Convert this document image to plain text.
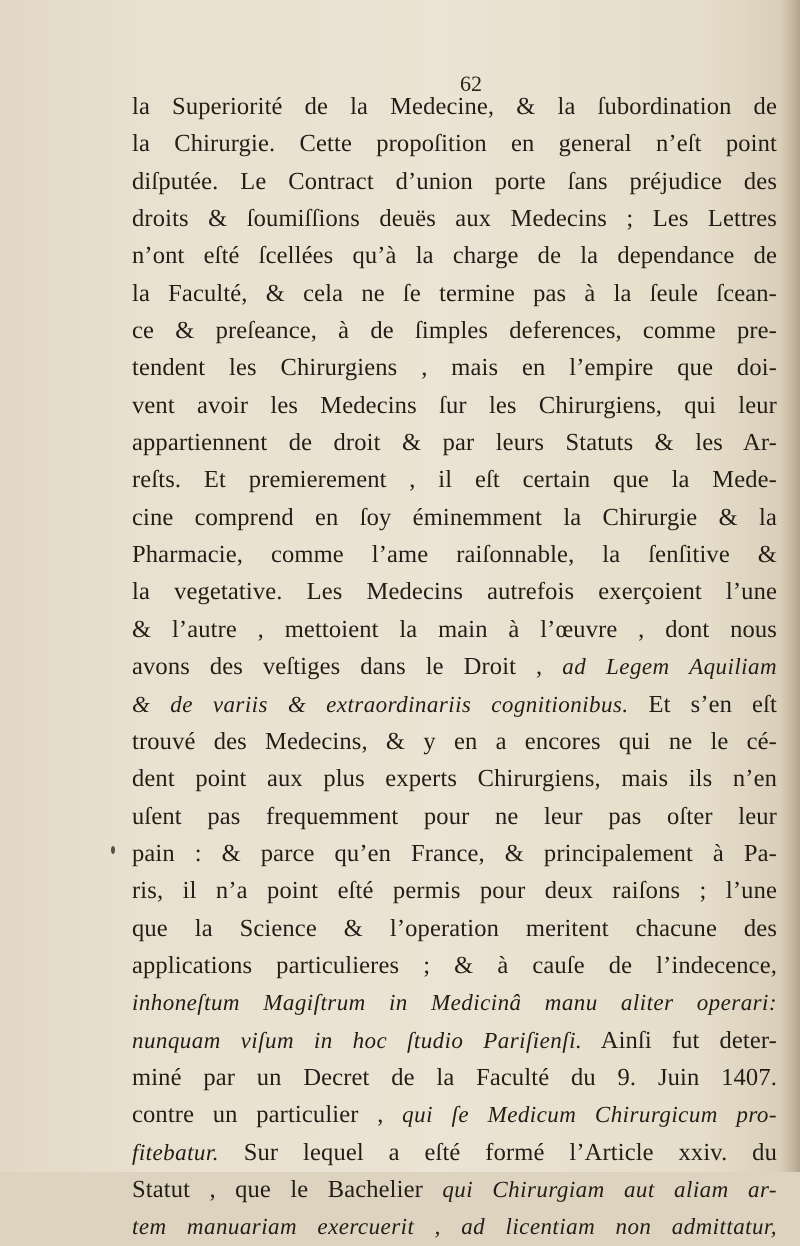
62

la Superiorité de la Medecine, & la ſubordination de
la Chirurgie. Cette propoſition en general n’eſt point
diſputée. Le Contract d’union porte ſans préjudice des
droits & ſoumiſſions deuës aux Medecins ; Les Lettres
n’ont eſté ſcellées qu’à la charge de la dependance de
la Faculté, & cela ne ſe termine pas à la ſeule ſcean-
ce & preſeance, à de ſimples deferences, comme pre-
tendent les Chirurgiens , mais en l’empire que doi-
vent avoir les Medecins ſur les Chirurgiens, qui leur
appartiennent de droit & par leurs Statuts & les Ar-
reſts. Et premierement , il eſt certain que la Mede-
cine comprend en ſoy éminemment la Chirurgie & la
Pharmacie, comme l’ame raiſonnable, la ſenſitive &
la vegetative. Les Medecins autrefois exerçoient l’une
& l’autre , mettoient la main à l’œuvre , dont nous
avons des veſtiges dans le Droit , ad Legem Aquiliam
& de variis & extraordinariis cognitionibus. Et s’en eſt
trouvé des Medecins, & y en a encores qui ne le cé-
dent point aux plus experts Chirurgiens, mais ils n’en
uſent pas frequemment pour ne leur pas oſter leur
pain : & parce qu’en France, & principalement à Pa-
ris, il n’a point eſté permis pour deux raiſons ; l’une
que la Science & l’operation meritent chacune des
applications particulieres ; & à cauſe de l’indecence,
inhoneſtum Magiſtrum in Medicinâ manu aliter operari:
nunquam viſum in hoc ſtudio Pariſienſi. Ainſi fut deter-
miné par un Decret de la Faculté du 9. Juin 1407.
contre un particulier , qui ſe Medicum Chirurgicum pro-
fitebatur. Sur lequel a eſté formé l’Article xxiv. du
Statut , que le Bachelier qui Chirurgiam aut aliam ar-
tem manuariam exercuerit , ad licentiam non admittatur,
